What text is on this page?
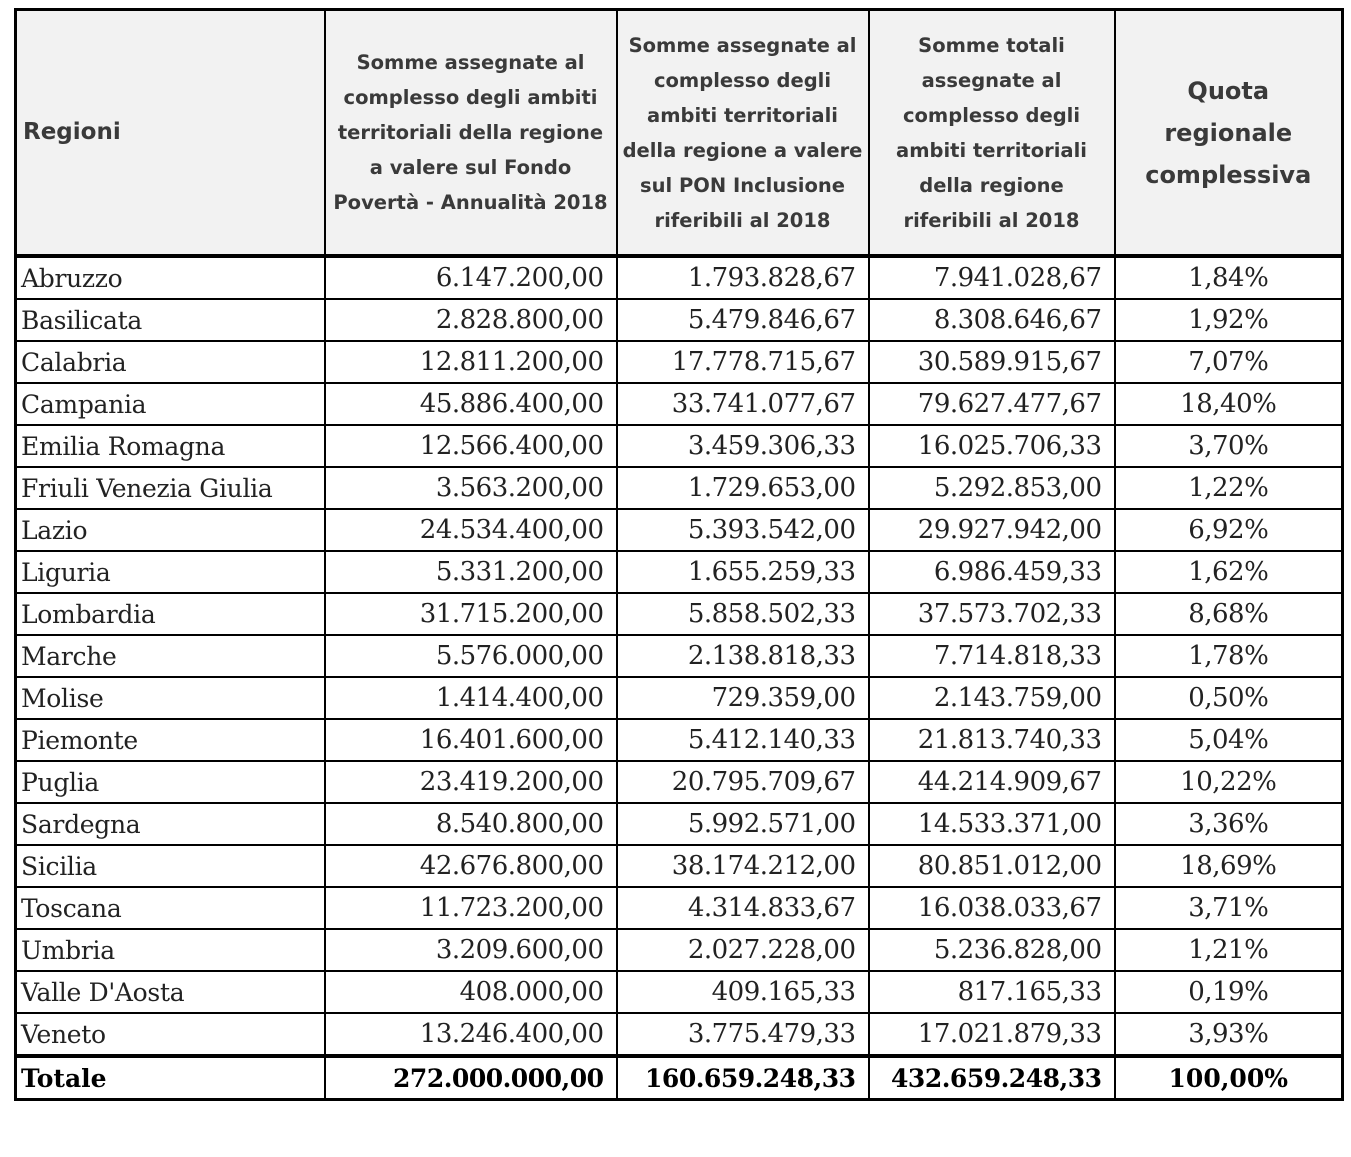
Regioni	Somme assegnate al complesso degli ambiti territoriali della regione a valere sul Fondo Povertà - Annualità 2018	Somme assegnate al complesso degli ambiti territoriali della regione a valere sul PON Inclusione riferibili al 2018	Somme totali assegnate al complesso degli ambiti territoriali della regione riferibili al 2018	Quota regionale complessiva
Abruzzo	6.147.200,00	1.793.828,67	7.941.028,67	1,84%
Basilicata	2.828.800,00	5.479.846,67	8.308.646,67	1,92%
Calabria	12.811.200,00	17.778.715,67	30.589.915,67	7,07%
Campania	45.886.400,00	33.741.077,67	79.627.477,67	18,40%
Emilia Romagna	12.566.400,00	3.459.306,33	16.025.706,33	3,70%
Friuli Venezia Giulia	3.563.200,00	1.729.653,00	5.292.853,00	1,22%
Lazio	24.534.400,00	5.393.542,00	29.927.942,00	6,92%
Liguria	5.331.200,00	1.655.259,33	6.986.459,33	1,62%
Lombardia	31.715.200,00	5.858.502,33	37.573.702,33	8,68%
Marche	5.576.000,00	2.138.818,33	7.714.818,33	1,78%
Molise	1.414.400,00	729.359,00	2.143.759,00	0,50%
Piemonte	16.401.600,00	5.412.140,33	21.813.740,33	5,04%
Puglia	23.419.200,00	20.795.709,67	44.214.909,67	10,22%
Sardegna	8.540.800,00	5.992.571,00	14.533.371,00	3,36%
Sicilia	42.676.800,00	38.174.212,00	80.851.012,00	18,69%
Toscana	11.723.200,00	4.314.833,67	16.038.033,67	3,71%
Umbria	3.209.600,00	2.027.228,00	5.236.828,00	1,21%
Valle D'Aosta	408.000,00	409.165,33	817.165,33	0,19%
Veneto	13.246.400,00	3.775.479,33	17.021.879,33	3,93%
Totale	272.000.000,00	160.659.248,33	432.659.248,33	100,00%
